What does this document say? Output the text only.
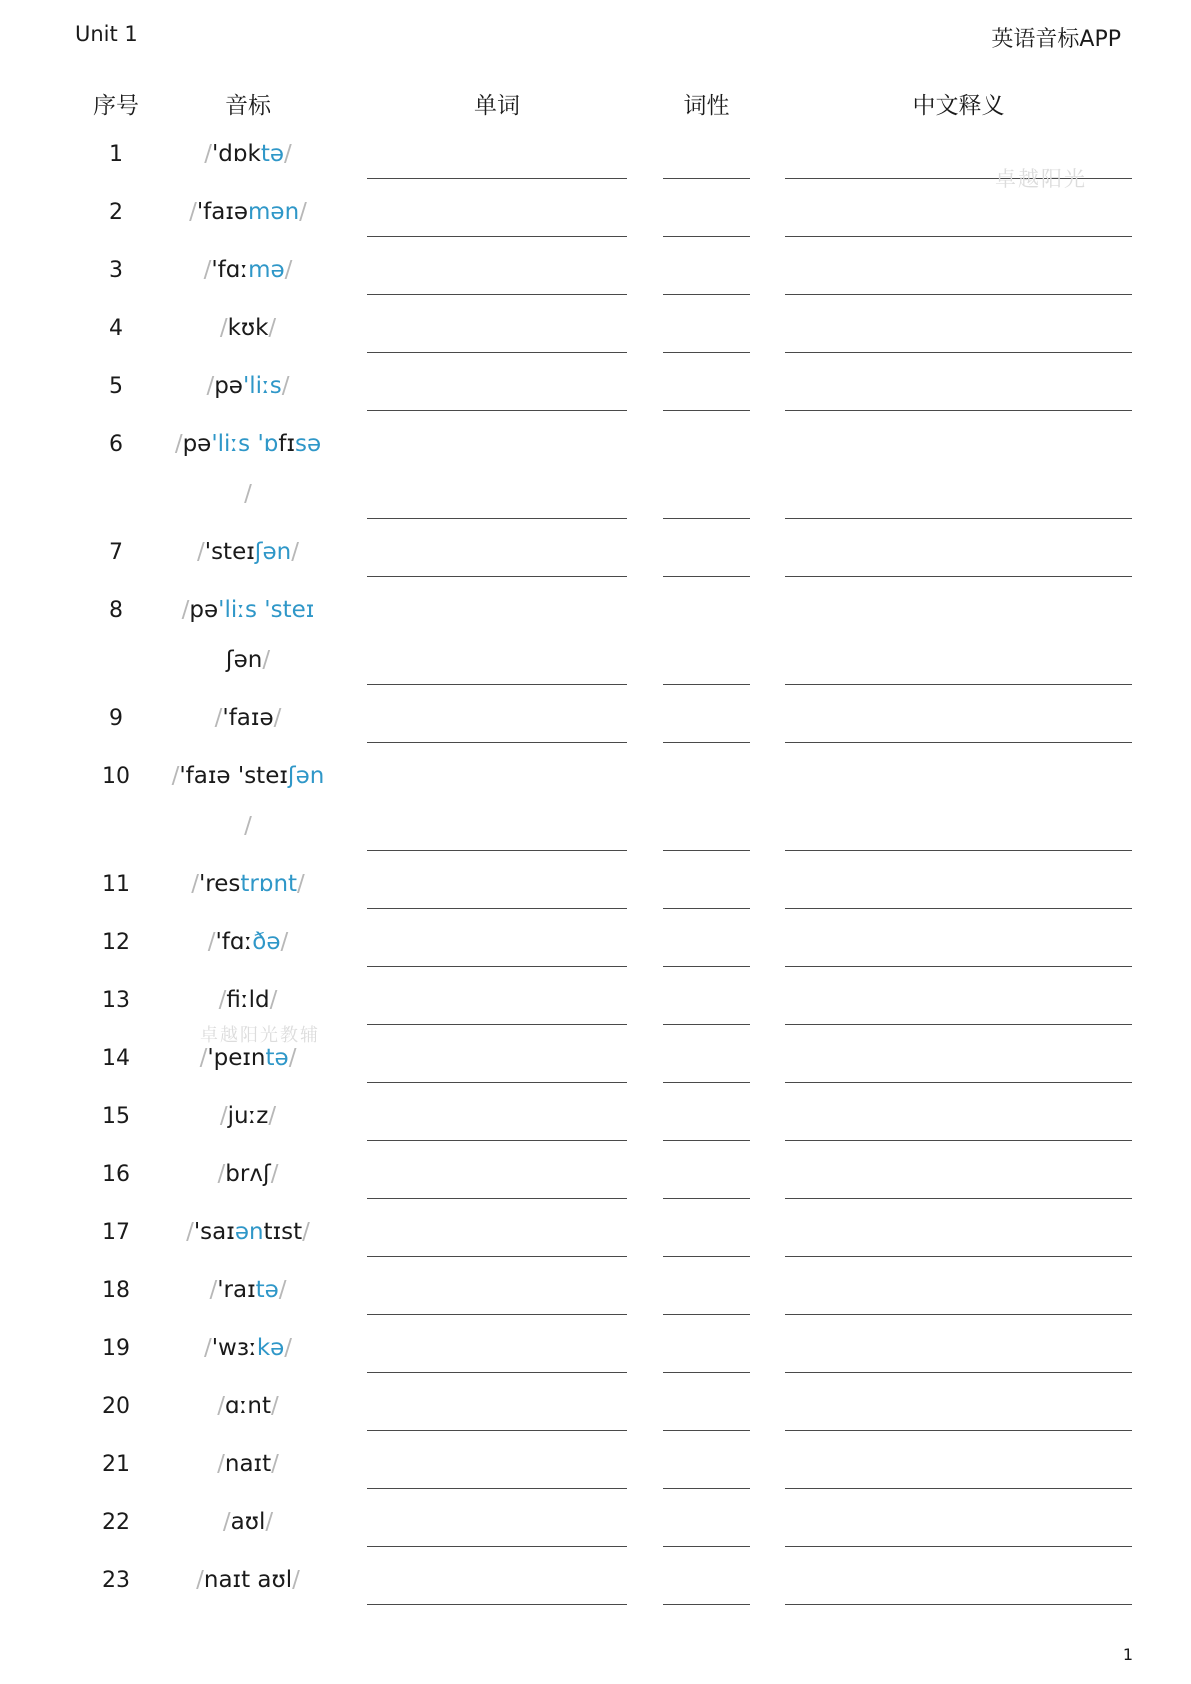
Unit 1	英语音标APP
序号	音标	单词	词性	中文释义
1	/'dɒktə/
2	/'faɪəmən/
3	/'fɑːmə/
4	/kʊk/
5	/pə'liːs/
6	/pə'liːs 'ɒfɪsə
/
7	/'steɪʃən/
8	/pə'liːs 'steɪ
ʃən/
9	/'faɪə/
10	/'faɪə 'steɪʃən
/
11	/'restrɒnt/
12	/'fɑːðə/
13	/fiːld/
14	/'peɪntə/
15	/juːz/
16	/brʌʃ/
17	/'saɪəntɪst/
18	/'raɪtə/
19	/'wɜːkə/
20	/ɑːnt/
21	/naɪt/
22	/aʊl/
23	/naɪt aʊl/
卓越阳光
卓越阳光教辅
1
